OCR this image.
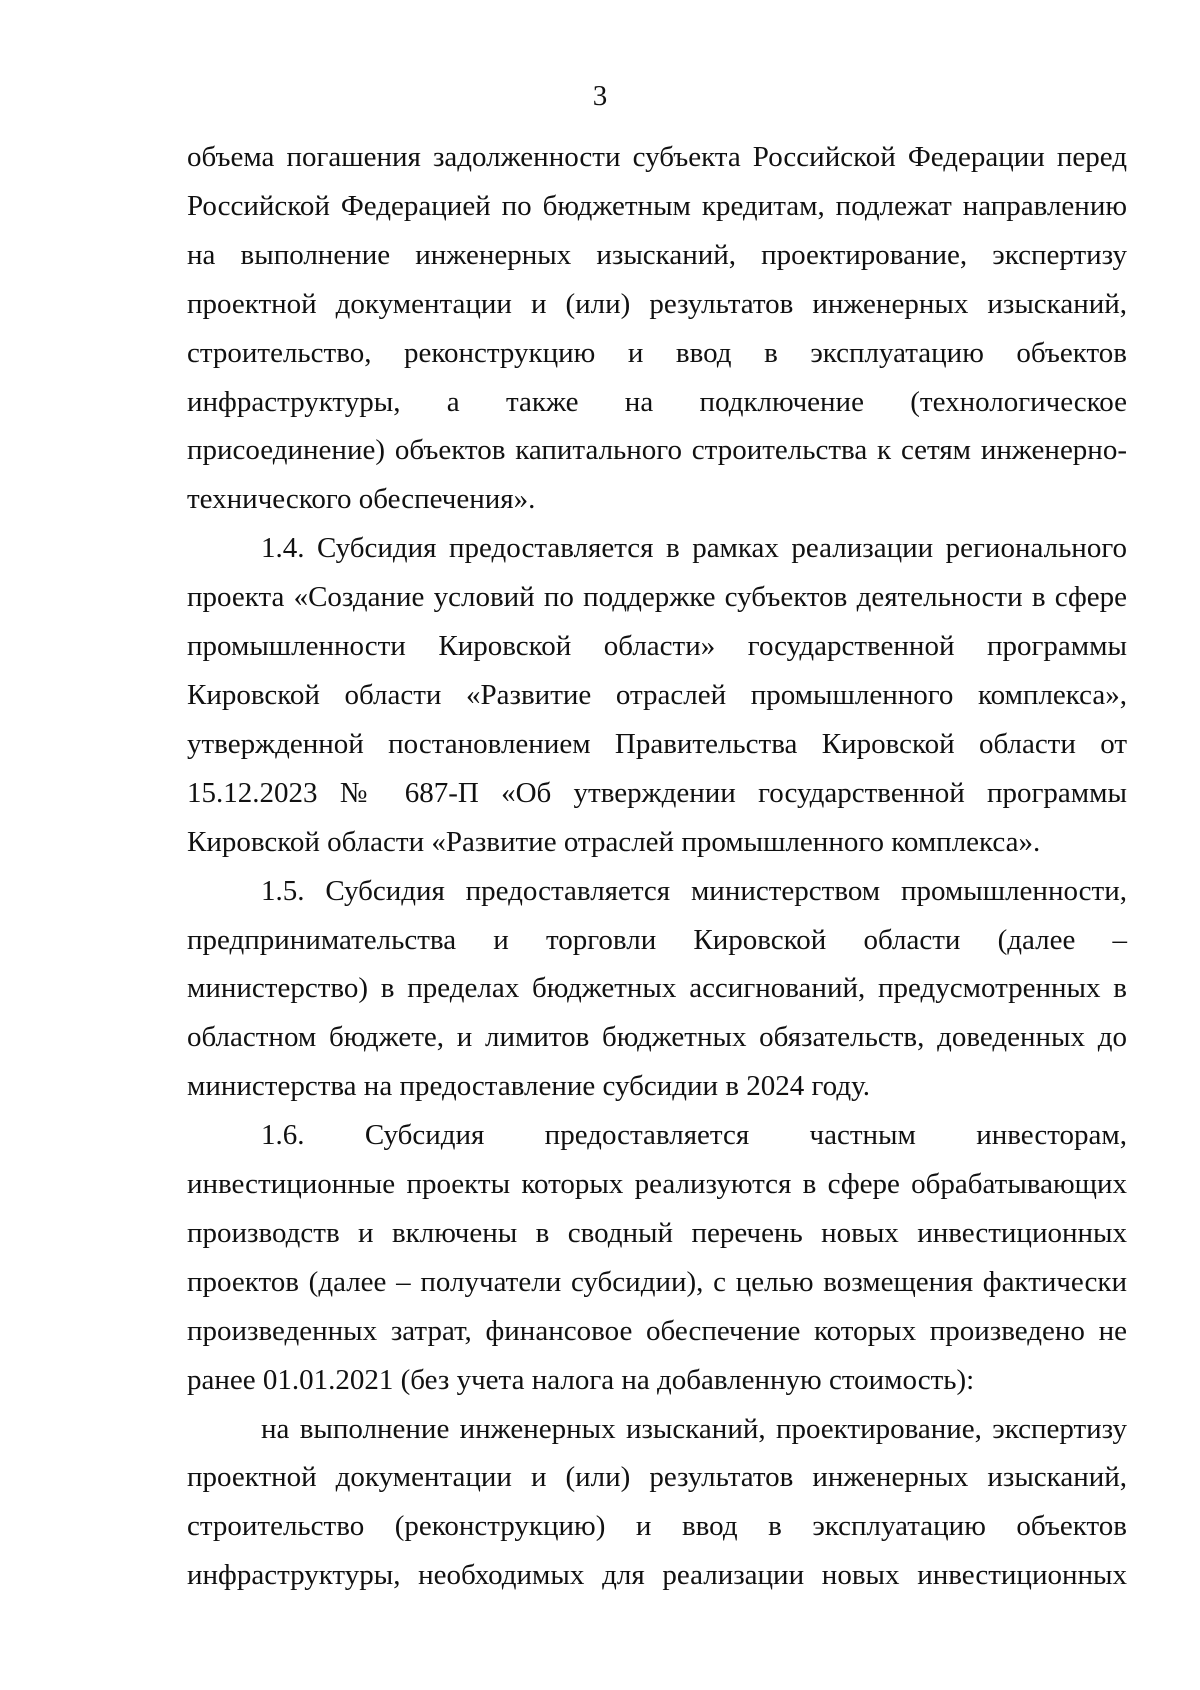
3

объема погашения задолженности субъекта Российской Федерации перед Российской Федерацией по бюджетным кредитам, подлежат направлению на выполнение инженерных изысканий, проектирование, экспертизу проектной документации и (или) результатов инженерных изысканий, строительство, реконструкцию и ввод в эксплуатацию объектов инфраструктуры, а также на подключение (технологическое присоединение) объектов капитального строительства к сетям инженерно-технического обеспечения».

1.4. Субсидия предоставляется в рамках реализации регионального проекта «Создание условий по поддержке субъектов деятельности в сфере промышленности Кировской области» государственной программы Кировской области «Развитие отраслей промышленного комплекса», утвержденной постановлением Правительства Кировской области от 15.12.2023 № 687-П «Об утверждении государственной программы Кировской области «Развитие отраслей промышленного комплекса».

1.5. Субсидия предоставляется министерством промышленности, предпринимательства и торговли Кировской области (далее – министерство) в пределах бюджетных ассигнований, предусмотренных в областном бюджете, и лимитов бюджетных обязательств, доведенных до министерства на предоставление субсидии в 2024 году.

1.6. Субсидия предоставляется частным инвесторам, инвестиционные проекты которых реализуются в сфере обрабатывающих производств и включены в сводный перечень новых инвестиционных проектов (далее – получатели субсидии), с целью возмещения фактически произведенных затрат, финансовое обеспечение которых произведено не ранее 01.01.2021 (без учета налога на добавленную стоимость):

на выполнение инженерных изысканий, проектирование, экспертизу проектной документации и (или) результатов инженерных изысканий, строительство (реконструкцию) и ввод в эксплуатацию объектов инфраструктуры, необходимых для реализации новых инвестиционных
